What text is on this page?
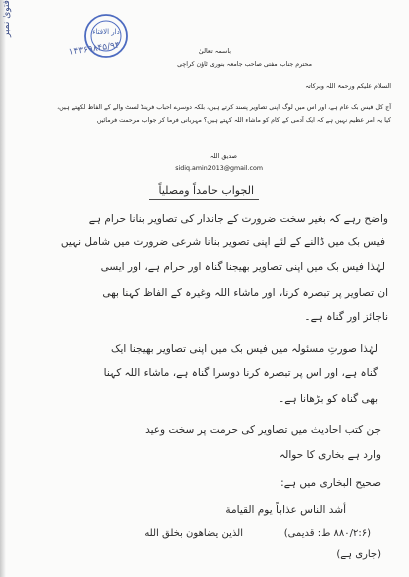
فتویٰ نمبر	دار الافتاء
۱۴۳۶۹۸۴۵/۹۴	باسمہ تعالیٰ
محترم جناب مفتی صاحب جامعہ بنوری ٹاؤن کراچی
السلام علیکم ورحمۃ اللہ وبرکاتہ
آج کل فیس بک عام ہے، اور اس میں لوگ اپنی تصاویر پسند کرتے ہیں، بلکہ دوسرے احباب فرینڈ لسٹ والے کے الفاظ لکھتے ہیں،
کیا یہ امر عظیم نہیں ہے کہ ایک آدمی کے کام کو ماشاء اللہ کہتے ہیں؟ مہربانی فرما کر جواب مرحمت فرمائیں
صدیق اللہ
sidiq.amin2013@gmail.com
الجواب حامداً ومصلیاً
واضح رہے کہ بغیر سخت ضرورت کے جاندار کی تصاویر بنانا حرام ہے
فیس بک میں ڈالنے کے لئے اپنی تصویر بنانا شرعی ضرورت میں شامل نہیں
لہٰذا فیس بک میں اپنی تصاویر بھیجنا گناہ اور حرام ہے، اور ایسی
ان تصاویر پر تبصرہ کرنا، اور ماشاء اللہ وغیرہ کے الفاظ کہنا بھی
ناجائز اور گناہ ہے۔
لہٰذا صورتِ مسئولہ میں فیس بک میں اپنی تصاویر بھیجنا ایک
گناہ ہے، اور اس پر تبصرہ کرنا دوسرا گناہ ہے، ماشاء اللہ کہنا
بھی گناہ کو بڑھانا ہے۔
جن کتب احادیث میں تصاویر کی حرمت پر سخت وعید
وارد ہے بخاری کا حوالہ
صحیح البخاری میں ہے:
أشد الناس عذاباً يوم القيامة
الذين يضاهون بخلق الله	(۸۸۰/۲:۶ ط: قدیمی)
(جاری ہے)
